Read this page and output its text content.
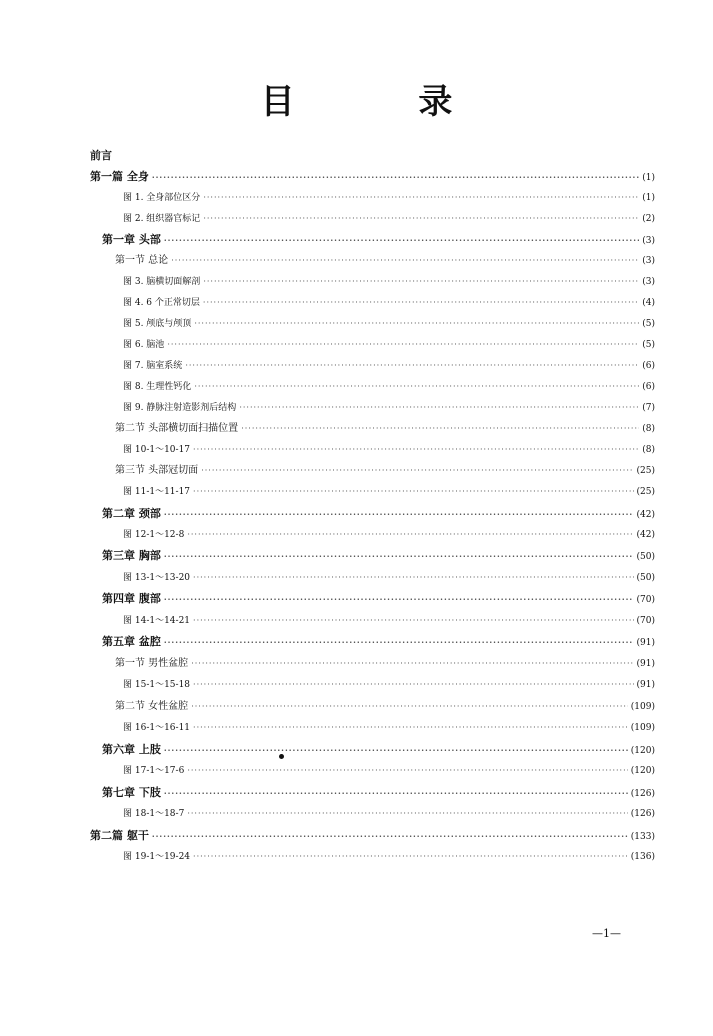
目 录
前言
第一篇 全身 ·····	(1)
图 1. 全身部位区分 ·····	(1)
图 2. 组织器官标记 ·····	(2)
第一章 头部 ·····	(3)
第一节 总论 ·····	(3)
图 3. 脑横切面解剖 ·····	(3)
图 4. 6 个正常切层 ·····	(4)
图 5. 颅底与颅顶 ·····	(5)
图 6. 脑池 ·····	(5)
图 7. 脑室系统 ·····	(6)
图 8. 生理性钙化 ·····	(6)
图 9. 静脉注射造影剂后结构 ·····	(7)
第二节 头部横切面扫描位置 ·····	(8)
图 10-1～10-17 ·····	(8)
第三节 头部冠切面 ·····	(25)
图 11-1～11-17 ·····	(25)
第二章 颈部 ·····	(42)
图 12-1～12-8 ·····	(42)
第三章 胸部 ·····	(50)
图 13-1～13-20 ·····	(50)
第四章 腹部 ·····	(70)
图 14-1～14-21 ·····	(70)
第五章 盆腔 ·····	(91)
第一节 男性盆腔 ·····	(91)
图 15-1～15-18 ·····	(91)
第二节 女性盆腔 ·····	(109)
图 16-1～16-11 ·····	(109)
第六章 上肢 ·····	(120)
图 17-1～17-6 ·····	(120)
第七章 下肢 ·····	(126)
图 18-1～18-7 ·····	(126)
第二篇 躯干 ·····	(133)
图 19-1～19-24 ·····	(136)
—1—
